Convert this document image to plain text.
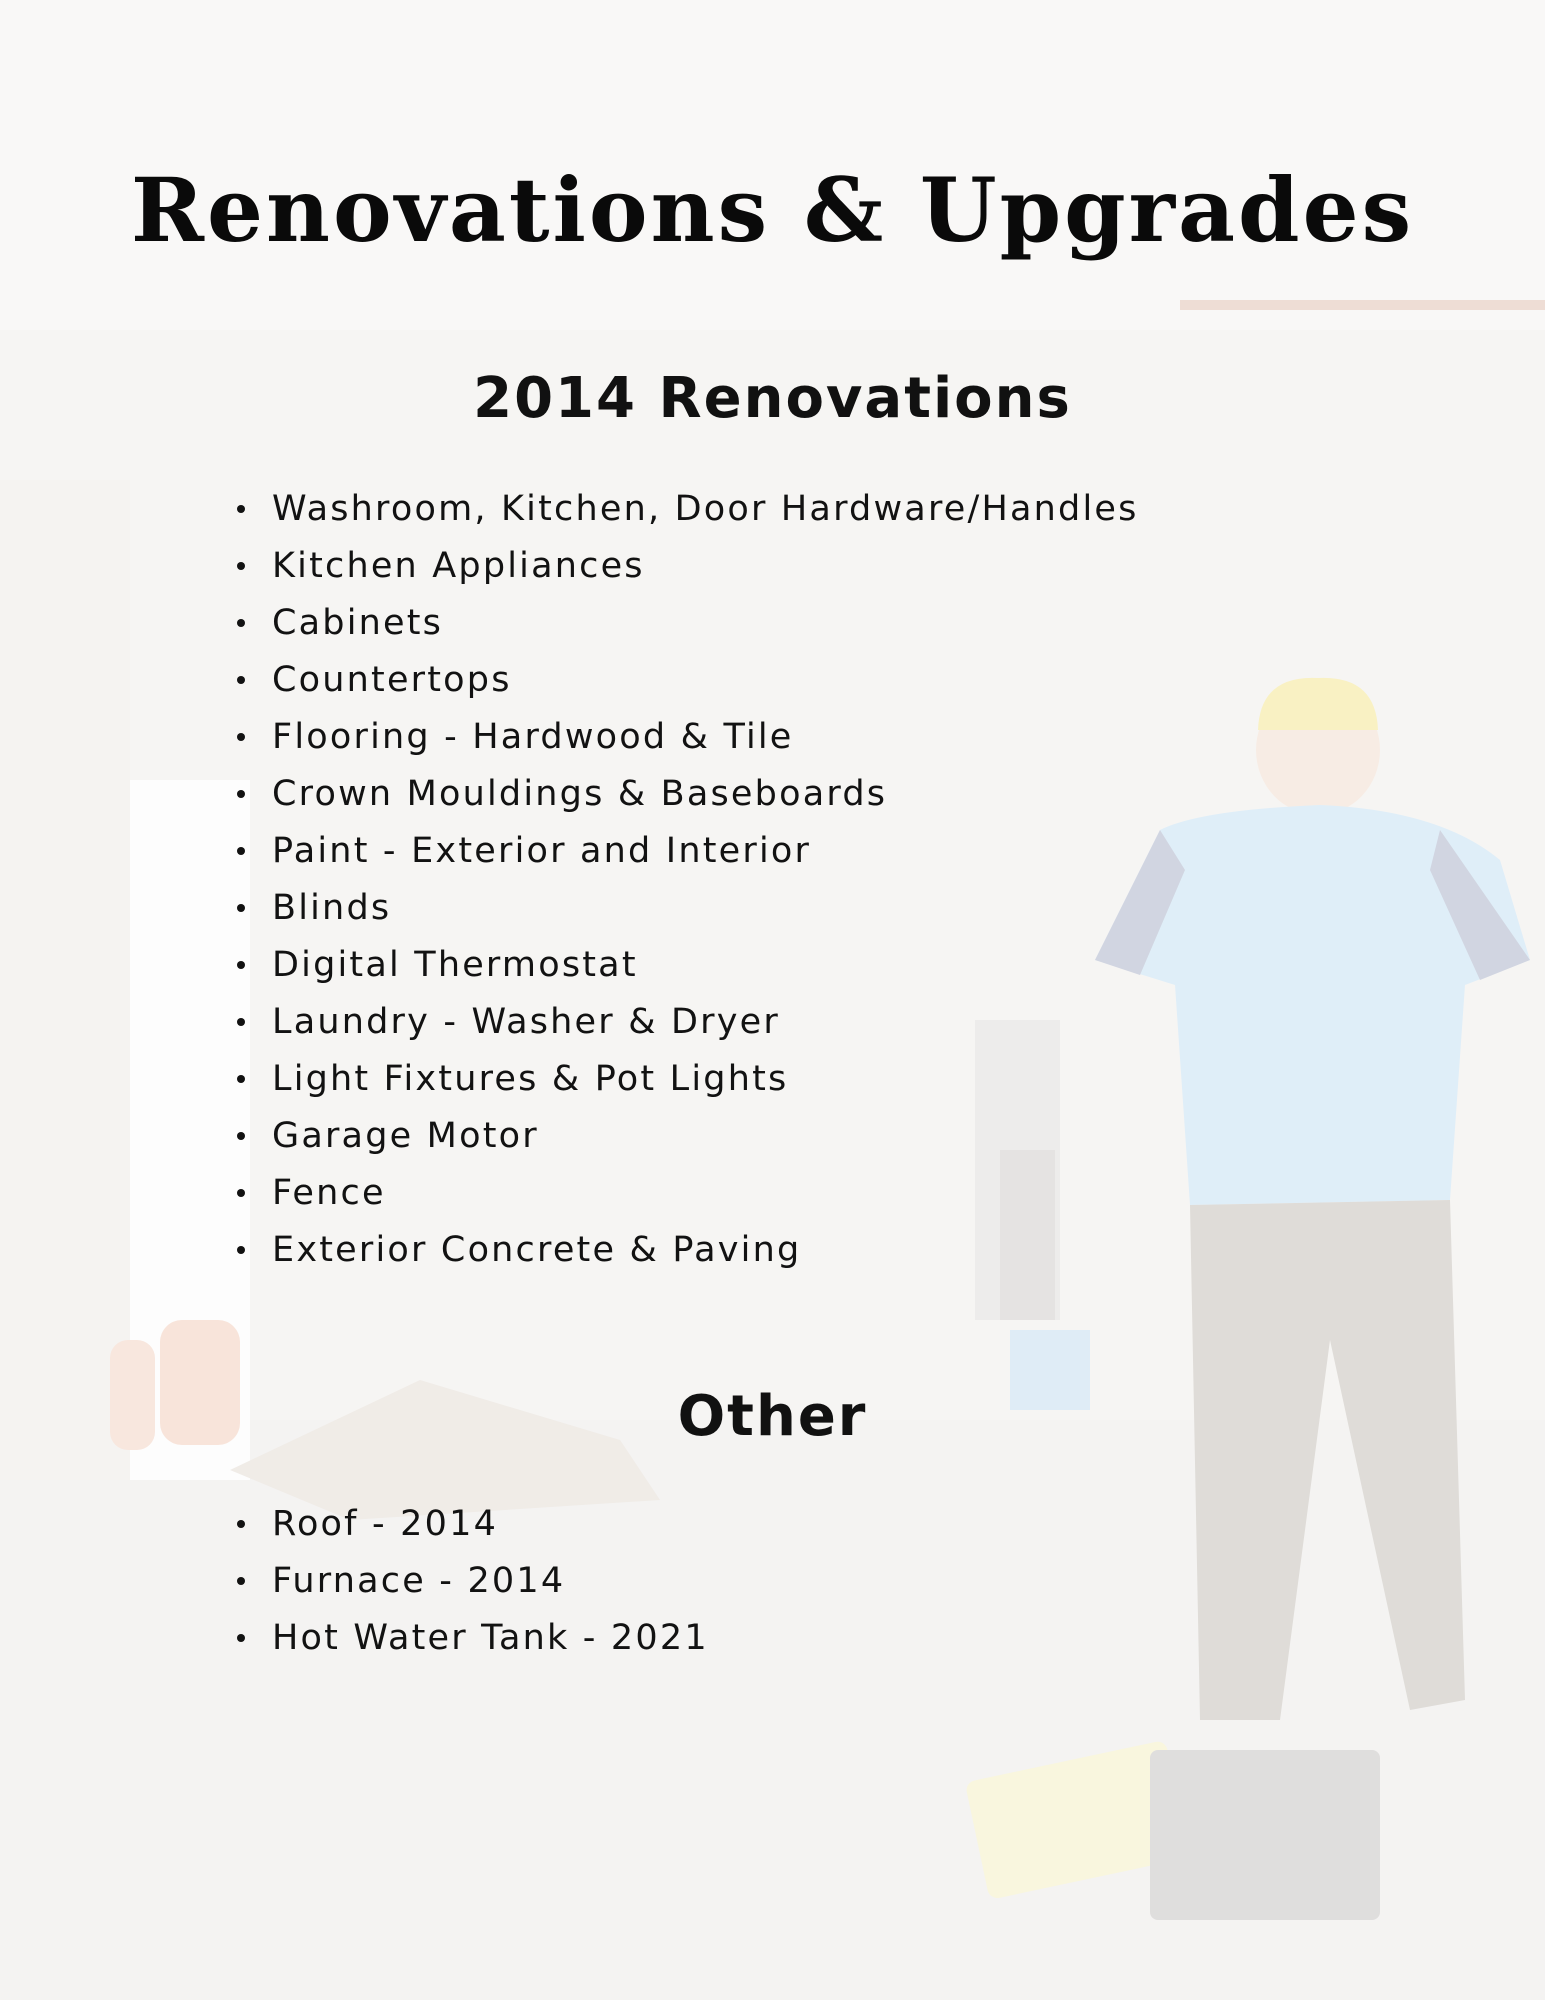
Renovations & Upgrades
2014 Renovations
Washroom, Kitchen, Door Hardware/Handles
Kitchen Appliances
Cabinets
Countertops
Flooring - Hardwood & Tile
Crown Mouldings & Baseboards
Paint - Exterior and Interior
Blinds
Digital Thermostat
Laundry - Washer & Dryer
Light Fixtures & Pot Lights
Garage Motor
Fence
Exterior Concrete & Paving
Other
Roof - 2014
Furnace - 2014
Hot Water Tank - 2021
